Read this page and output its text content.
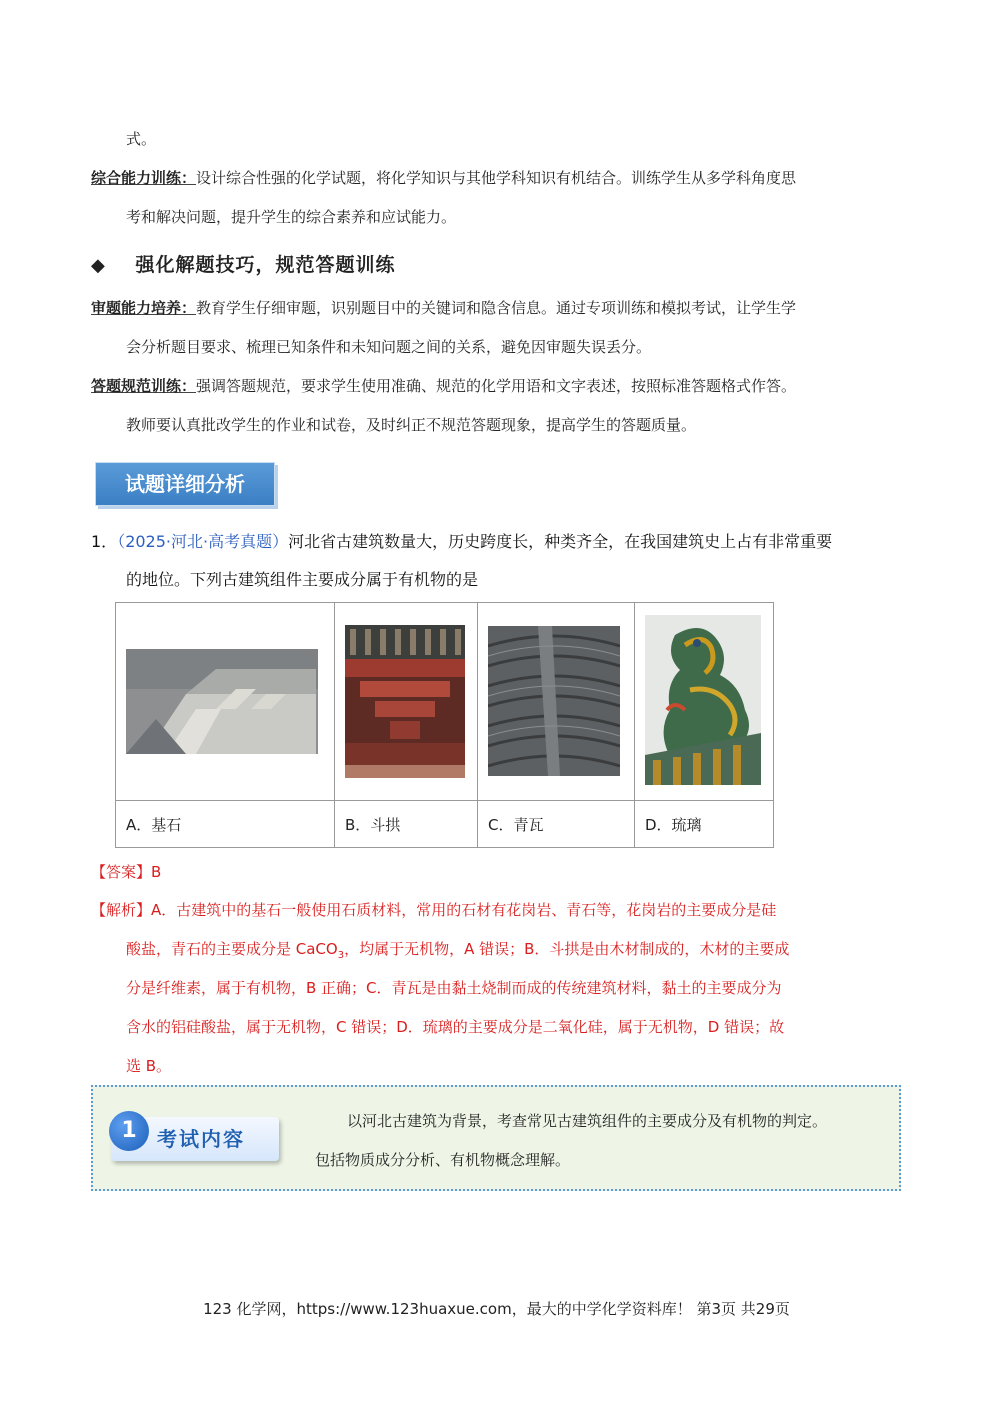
式。
综合能力训练：设计综合性强的化学试题，将化学知识与其他学科知识有机结合。训练学生从多学科角度思
考和解决问题，提升学生的综合素养和应试能力。
◆ 强化解题技巧，规范答题训练
审题能力培养：教育学生仔细审题，识别题目中的关键词和隐含信息。通过专项训练和模拟考试，让学生学
会分析题目要求、梳理已知条件和未知问题之间的关系，避免因审题失误丢分。
答题规范训练：强调答题规范，要求学生使用准确、规范的化学用语和文字表述，按照标准答题格式作答。
教师要认真批改学生的作业和试卷，及时纠正不规范答题现象，提高学生的答题质量。
试题详细分析
1．（2025·河北·高考真题）河北省古建筑数量大，历史跨度长，种类齐全，在我国建筑史上占有非常重要
的地位。下列古建筑组件主要成分属于有机物的是

A．基石	B．斗拱	C．青瓦	D．琉璃
【答案】B
【解析】A．古建筑中的基石一般使用石质材料，常用的石材有花岗岩、青石等，花岗岩的主要成分是硅
酸盐，青石的主要成分是 CaCO$_3$，均属于无机物，A 错误；B．斗拱是由木材制成的，木材的主要成
分是纤维素，属于有机物，B 正确；C．青瓦是由黏土烧制而成的传统建筑材料，黏土的主要成分为
含水的铝硅酸盐，属于无机物，C 错误；D．琉璃的主要成分是二氧化硅，属于无机物，D 错误；故
选 B。
1	考试内容
以河北古建筑为背景，考查常见古建筑组件的主要成分及有机物的判定。
包括物质成分分析、有机物概念理解。
123 化学网，https://www.123huaxue.com，最大的中学化学资料库！ 第3页 共29页
